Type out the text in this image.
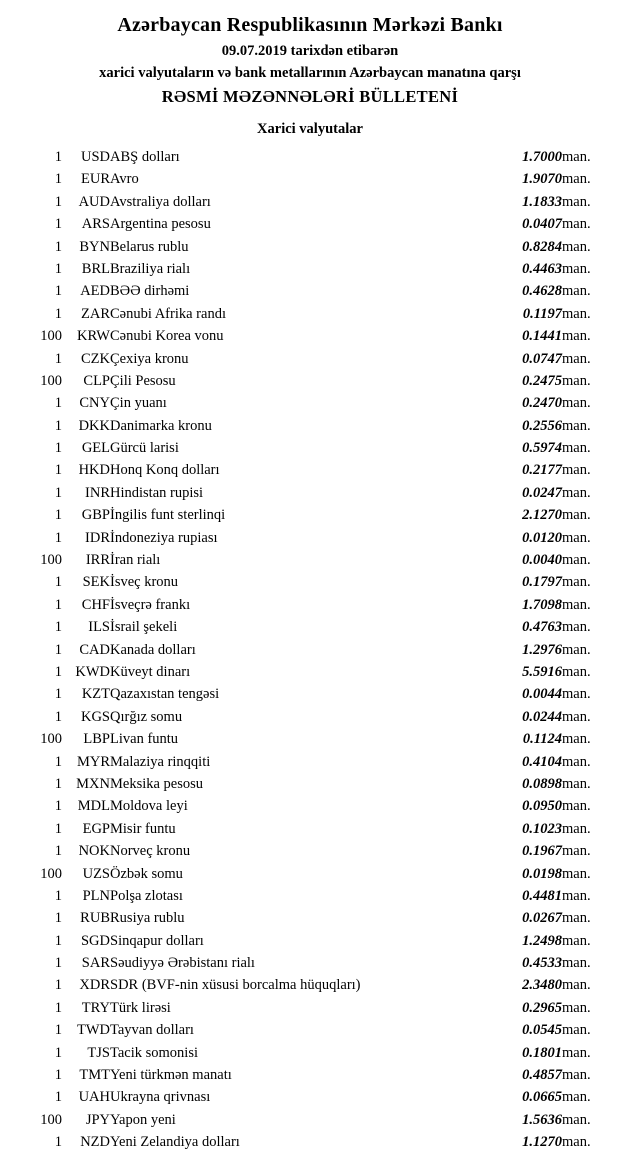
Azərbaycan Respublikasının Mərkəzi Bankı
09.07.2019 tarixdən etibarən
xarici valyutaların və bank metallarının Azərbaycan manatına qarşı
RƏSMİ MƏZƏNNƏLƏRİ BÜLLETENİ
Xarici valyutalar
1	USD	ABŞ dolları	1.7000	man.
1	EUR	Avro	1.9070	man.
1	AUD	Avstraliya dolları	1.1833	man.
1	ARS	Argentina pesosu	0.0407	man.
1	BYN	Belarus rublu	0.8284	man.
1	BRL	Braziliya rialı	0.4463	man.
1	AED	BƏƏ dirhəmi	0.4628	man.
1	ZAR	Cənubi Afrika randı	0.1197	man.
100	KRW	Cənubi Korea vonu	0.1441	man.
1	CZK	Çexiya kronu	0.0747	man.
100	CLP	Çili Pesosu	0.2475	man.
1	CNY	Çin yuanı	0.2470	man.
1	DKK	Danimarka kronu	0.2556	man.
1	GEL	Gürcü larisi	0.5974	man.
1	HKD	Honq Konq dolları	0.2177	man.
1	INR	Hindistan rupisi	0.0247	man.
1	GBP	İngilis funt sterlinqi	2.1270	man.
1	IDR	İndoneziya rupiası	0.0120	man.
100	IRR	İran rialı	0.0040	man.
1	SEK	İsveç kronu	0.1797	man.
1	CHF	İsveçrə frankı	1.7098	man.
1	ILS	İsrail şekeli	0.4763	man.
1	CAD	Kanada dolları	1.2976	man.
1	KWD	Küveyt dinarı	5.5916	man.
1	KZT	Qazaxıstan tengəsi	0.0044	man.
1	KGS	Qırğız somu	0.0244	man.
100	LBP	Livan funtu	0.1124	man.
1	MYR	Malaziya rinqqiti	0.4104	man.
1	MXN	Meksika pesosu	0.0898	man.
1	MDL	Moldova leyi	0.0950	man.
1	EGP	Misir funtu	0.1023	man.
1	NOK	Norveç kronu	0.1967	man.
100	UZS	Özbək somu	0.0198	man.
1	PLN	Polşa zlotası	0.4481	man.
1	RUB	Rusiya rublu	0.0267	man.
1	SGD	Sinqapur dolları	1.2498	man.
1	SAR	Səudiyyə Ərəbistanı rialı	0.4533	man.
1	XDR	SDR (BVF-nin xüsusi borcalma hüquqları)	2.3480	man.
1	TRY	Türk lirəsi	0.2965	man.
1	TWD	Tayvan dolları	0.0545	man.
1	TJS	Tacik somonisi	0.1801	man.
1	TMT	Yeni türkmən manatı	0.4857	man.
1	UAH	Ukrayna qrivnası	0.0665	man.
100	JPY	Yapon yeni	1.5636	man.
1	NZD	Yeni Zelandiya dolları	1.1270	man.
